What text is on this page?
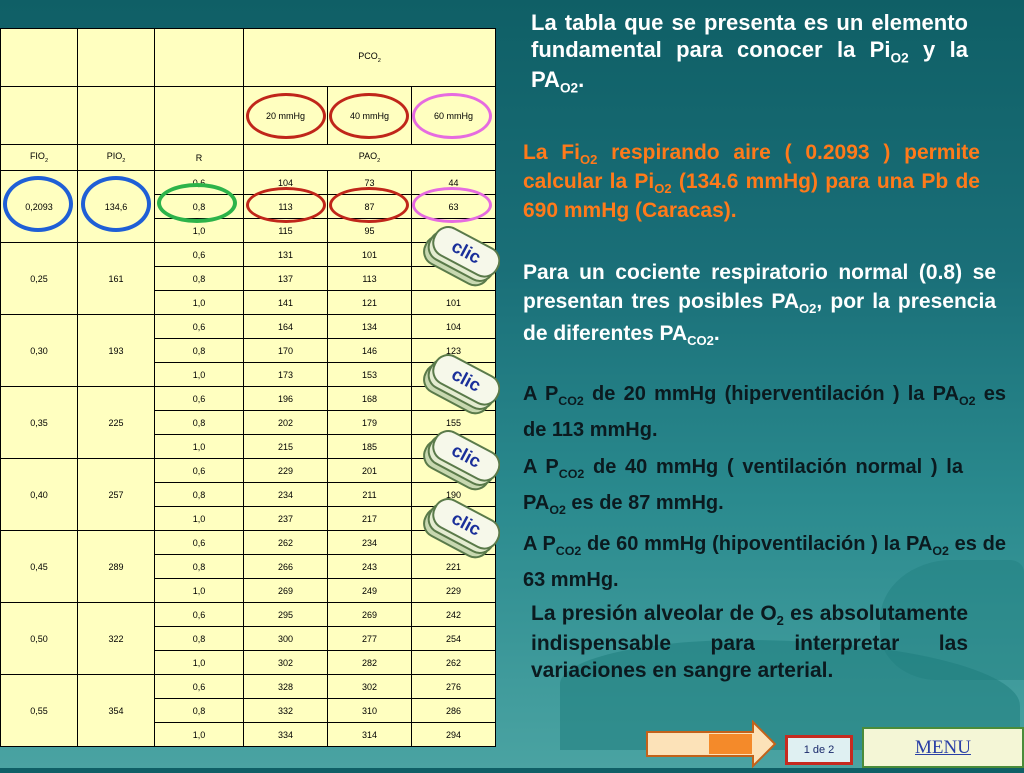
			$PCO_2$
			20 mmHg	40 mmHg	60 mmHg
$FIO_2$	$PIO_2$	R	$PAO_2$
0,2093	134,6	0,6	104	73	44
		0,8	113	87	63
		1,0	115	95	
0,25	161	0,6	131	101	
		0,8	137	113	
		1,0	141	121	101
0,30	193	0,6	164	134	104
		0,8	170	146	123
		1,0	173	153	
0,35	225	0,6	196	168	
		0,8	202	179	155
		1,0	215	185	
0,40	257	0,6	229	201	
		0,8	234	211	190
		1,0	237	217	
0,45	289	0,6	262	234	
		0,8	266	243	221
		1,0	269	249	229
0,50	322	0,6	295	269	242
		0,8	300	277	254
		1,0	302	282	262
0,55	354	0,6	328	302	276
		0,8	332	310	286
		1,0	334	314	294
clic
clic
clic
clic
La tabla que se presenta es un elemento fundamental para conocer la $Pi_{O2}$ y la $PA_{O2}$.
La $Fi_{O2}$ respirando aire ( 0.2093 ) permite calcular la $Pi_{O2}$ (134.6 mmHg) para una Pb de 690 mmHg (Caracas).
Para un cociente respiratorio normal (0.8) se presentan tres posibles $PA_{O2}$, por la presencia de diferentes $PA_{CO2}$.
A $P_{CO2}$ de 20 mmHg (hiperventilación ) la $PA_{O2}$ es de 113 mmHg.
A $P_{CO2}$ de 40 mmHg ( ventilación normal ) la $PA_{O2}$ es de 87 mmHg.
A $P_{CO2}$ de 60 mmHg (hipoventilación ) la $PA_{O2}$ es de 63 mmHg.
La presión alveolar de $O_2$ es absolutamente indispensable para interpretar las variaciones en sangre arterial.
1 de 2	MENU
